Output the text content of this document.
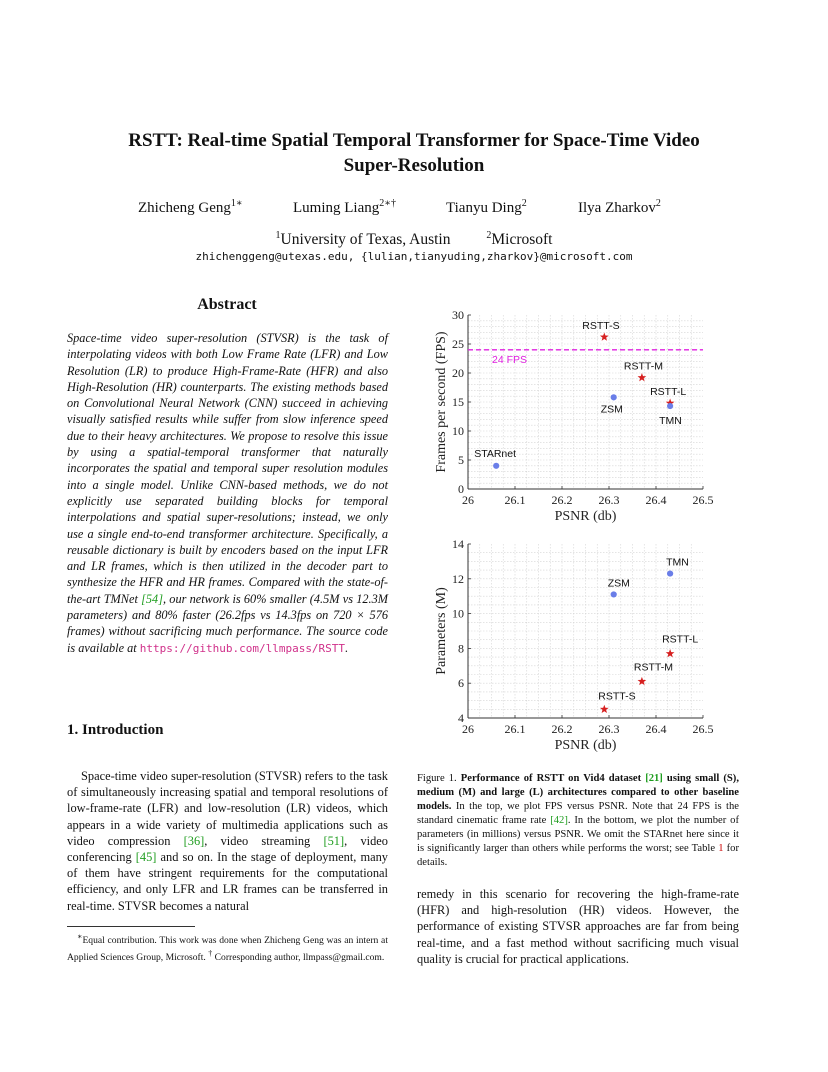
RSTT: Real-time Spatial Temporal Transformer for Space-Time Video
Super-Resolution
Zhicheng Geng$^{1∗}$	Luming Liang$^{2∗\dagger}$	Tianyu Ding$^2$	Ilya Zharkov$^2$
$^1$University of Texas, Austin	$^2$Microsoft
zhichenggeng@utexas.edu, {lulian,tianyuding,zharkov}@microsoft.com
Abstract
Space-time video super-resolution (STVSR) is the task of interpolating videos with both Low Frame Rate (LFR) and Low Resolution (LR) to produce High-Frame-Rate (HFR) and also High-Resolution (HR) counterparts. The existing methods based on Convolutional Neural Network (CNN) succeed in achieving visually satisfied results while suffer from slow inference speed due to their heavy architectures. We propose to resolve this issue by using a spatial-temporal transformer that naturally incorporates the spatial and temporal super resolution modules into a single model. Unlike CNN-based methods, we do not explicitly use separated building blocks for temporal interpolations and spatial super-resolutions; instead, we only use a single end-to-end transformer architecture. Specifically, a reusable dictionary is built by encoders based on the input LFR and LR frames, which is then utilized in the decoder part to synthesize the HFR and HR frames. Compared with the state-of-the-art TMNet [54], our network is 60% smaller (4.5M vs 12.3M parameters) and 80% faster (26.2fps vs 14.3fps on 720 × 576 frames) without sacrificing much performance. The source code is available at https://github.com/llmpass/RSTT.
1. Introduction
Space-time video super-resolution (STVSR) refers to the task of simultaneously increasing spatial and temporal resolutions of low-frame-rate (LFR) and low-resolution (LR) videos, which appears in a wide variety of multimedia applications such as video compression [36], video streaming [51], video conferencing [45] and so on. In the stage of deployment, many of them have stringent requirements for the computational efficiency, and only LFR and LR frames can be transferred in real-time. STVSR becomes a natural
∗Equal contribution. This work was done when Zhicheng Geng was an intern at Applied Sciences Group, Microsoft. † Corresponding author, llmpass@gmail.com.
26	26.1 26.2 26.3 26.4 26.5
0
5
10
15
20
25
30
PSNR (db)
Frames per second (FPS)	24 FPS
RSTT-S
RSTT-M
RSTT-L
TMN
ZSM
STARnet
26	26.1 26.2 26.3 26.4 26.5
4
6
8
10
12
14
PSNR (db)
Parameters (M)
TMN
ZSM
RSTT-L
RSTT-M
RSTT-S
Figure 1. Performance of RSTT on Vid4 dataset [21] using small (S), medium (M) and large (L) architectures compared to other baseline models. In the top, we plot FPS versus PSNR. Note that 24 FPS is the standard cinematic frame rate [42]. In the bottom, we plot the number of parameters (in millions) versus PSNR. We omit the STARnet here since it is significantly larger than others while performs the worst; see Table 1 for details.
remedy in this scenario for recovering the high-frame-rate (HFR) and high-resolution (HR) videos. However, the performance of existing STVSR approaches are far from being real-time, and a fast method without sacrificing much visual quality is crucial for practical applications.
